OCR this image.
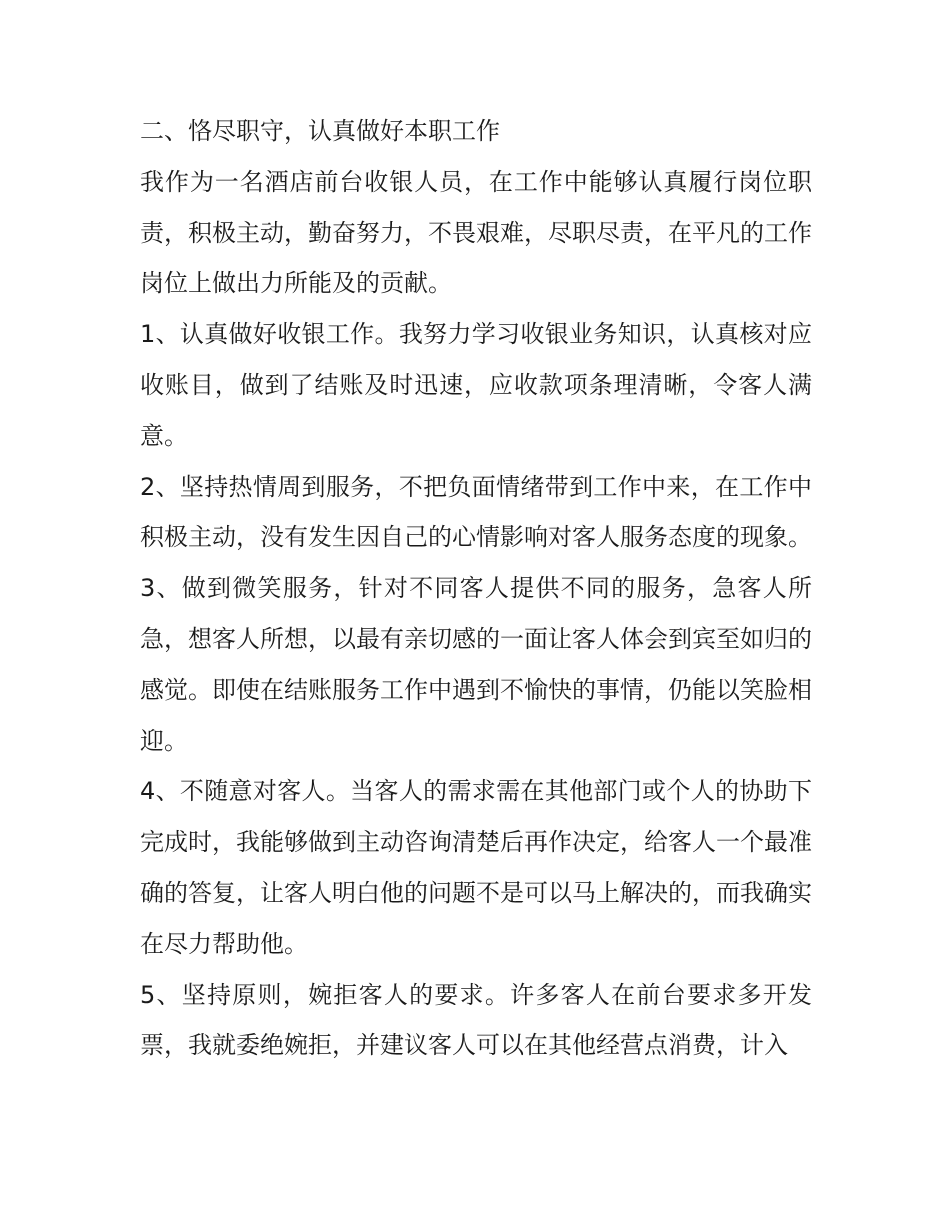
二、恪尽职守，认真做好本职工作

我作为一名酒店前台收银人员，在工作中能够认真履行岗位职责，积极主动，勤奋努力，不畏艰难，尽职尽责，在平凡的工作岗位上做出力所能及的贡献。

1、认真做好收银工作。我努力学习收银业务知识，认真核对应收账目，做到了结账及时迅速，应收款项条理清晰，令客人满意。

2、坚持热情周到服务，不把负面情绪带到工作中来，在工作中积极主动，没有发生因自己的心情影响对客人服务态度的现象。

3、做到微笑服务，针对不同客人提供不同的服务，急客人所急，想客人所想，以最有亲切感的一面让客人体会到宾至如归的感觉。即使在结账服务工作中遇到不愉快的事情，仍能以笑脸相迎。

4、不随意对客人。当客人的需求需在其他部门或个人的协助下完成时，我能够做到主动咨询清楚后再作决定，给客人一个最准确的答复，让客人明白他的问题不是可以马上解决的，而我确实在尽力帮助他。

5、坚持原则，婉拒客人的要求。许多客人在前台要求多开发票，我就委绝婉拒，并建议客人可以在其他经营点消费，计入
